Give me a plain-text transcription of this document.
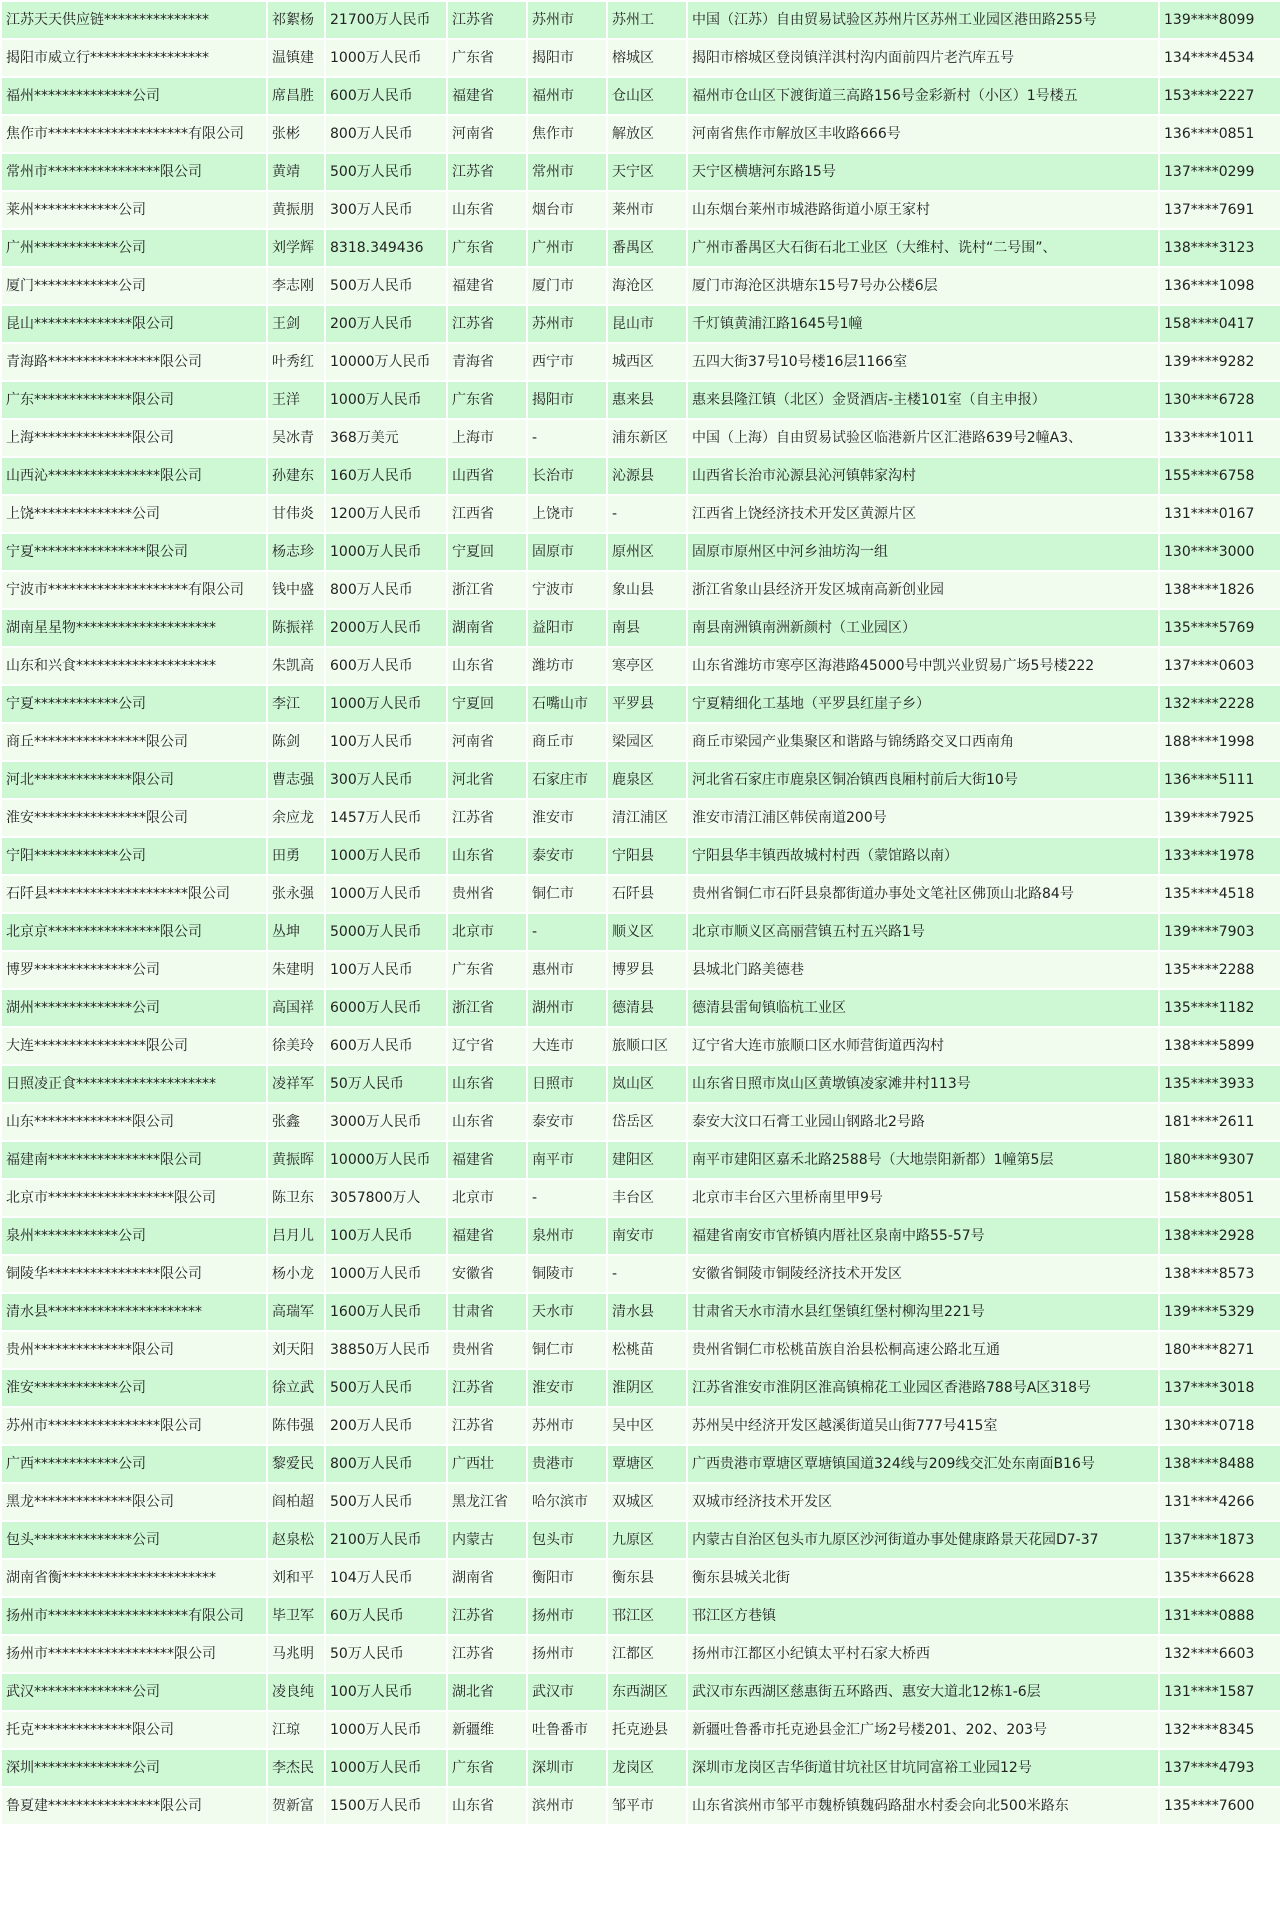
江苏天天供应链***************	祁絮杨	21700万人民币	江苏省	苏州市	苏州工	中国（江苏）自由贸易试验区苏州片区苏州工业园区港田路255号	139****8099
揭阳市威立行*****************	温镇建	1000万人民币	广东省	揭阳市	榕城区	揭阳市榕城区登岗镇洋淇村沟内面前四片老汽库五号	134****4534
福州**************公司	席昌胜	600万人民币	福建省	福州市	仓山区	福州市仓山区下渡街道三高路156号金彩新村（小区）1号楼五	153****2227
焦作市********************有限公司	张彬	800万人民币	河南省	焦作市	解放区	河南省焦作市解放区丰收路666号	136****0851
常州市****************限公司	黄靖	500万人民币	江苏省	常州市	天宁区	天宁区横塘河东路15号	137****0299
莱州************公司	黄振朋	300万人民币	山东省	烟台市	莱州市	山东烟台莱州市城港路街道小原王家村	137****7691
广州************公司	刘学辉	8318.349436	广东省	广州市	番禺区	广州市番禺区大石街石北工业区（大维村、诜村“二号围”、	138****3123
厦门************公司	李志刚	500万人民币	福建省	厦门市	海沧区	厦门市海沧区洪塘东15号7号办公楼6层	136****1098
昆山**************限公司	王剑	200万人民币	江苏省	苏州市	昆山市	千灯镇黄浦江路1645号1幢	158****0417
青海路****************限公司	叶秀红	10000万人民币	青海省	西宁市	城西区	五四大街37号10号楼16层1166室	139****9282
广东**************限公司	王洋	1000万人民币	广东省	揭阳市	惠来县	惠来县隆江镇（北区）金贤酒店-主楼101室（自主申报）	130****6728
上海**************限公司	吴冰青	368万美元	上海市	-	浦东新区	中国（上海）自由贸易试验区临港新片区汇港路639号2幢A3、	133****1011
山西沁****************限公司	孙建东	160万人民币	山西省	长治市	沁源县	山西省长治市沁源县沁河镇韩家沟村	155****6758
上饶**************公司	甘伟炎	1200万人民币	江西省	上饶市	-	江西省上饶经济技术开发区黄源片区	131****0167
宁夏****************限公司	杨志珍	1000万人民币	宁夏回	固原市	原州区	固原市原州区中河乡油坊沟一组	130****3000
宁波市********************有限公司	钱中盛	800万人民币	浙江省	宁波市	象山县	浙江省象山县经济开发区城南高新创业园	138****1826
湖南星星物********************	陈振祥	2000万人民币	湖南省	益阳市	南县	南县南洲镇南洲新颜村（工业园区）	135****5769
山东和兴食********************	朱凯高	600万人民币	山东省	潍坊市	寒亭区	山东省潍坊市寒亭区海港路45000号中凯兴业贸易广场5号楼222	137****0603
宁夏************公司	李江	1000万人民币	宁夏回	石嘴山市	平罗县	宁夏精细化工基地（平罗县红崖子乡）	132****2228
商丘****************限公司	陈剑	100万人民币	河南省	商丘市	梁园区	商丘市梁园产业集聚区和谐路与锦绣路交叉口西南角	188****1998
河北**************限公司	曹志强	300万人民币	河北省	石家庄市	鹿泉区	河北省石家庄市鹿泉区铜冶镇西良厢村前后大街10号	136****5111
淮安****************限公司	余应龙	1457万人民币	江苏省	淮安市	清江浦区	淮安市清江浦区韩侯南道200号	139****7925
宁阳************公司	田勇	1000万人民币	山东省	泰安市	宁阳县	宁阳县华丰镇西故城村村西（蒙馆路以南）	133****1978
石阡县********************限公司	张永强	1000万人民币	贵州省	铜仁市	石阡县	贵州省铜仁市石阡县泉都街道办事处文笔社区佛顶山北路84号	135****4518
北京京****************限公司	丛坤	5000万人民币	北京市	-	顺义区	北京市顺义区高丽营镇五村五兴路1号	139****7903
博罗**************公司	朱建明	100万人民币	广东省	惠州市	博罗县	县城北门路美德巷	135****2288
湖州**************公司	高国祥	6000万人民币	浙江省	湖州市	德清县	德清县雷甸镇临杭工业区	135****1182
大连****************限公司	徐美玲	600万人民币	辽宁省	大连市	旅顺口区	辽宁省大连市旅顺口区水师营街道西沟村	138****5899
日照凌正食********************	凌祥军	50万人民币	山东省	日照市	岚山区	山东省日照市岚山区黄墩镇凌家滩井村113号	135****3933
山东**************限公司	张鑫	3000万人民币	山东省	泰安市	岱岳区	泰安大汶口石膏工业园山钢路北2号路	181****2611
福建南****************限公司	黄振晖	10000万人民币	福建省	南平市	建阳区	南平市建阳区嘉禾北路2588号（大地崇阳新都）1幢第5层	180****9307
北京市******************限公司	陈卫东	3057800万人	北京市	-	丰台区	北京市丰台区六里桥南里甲9号	158****8051
泉州************公司	吕月儿	100万人民币	福建省	泉州市	南安市	福建省南安市官桥镇内厝社区泉南中路55-57号	138****2928
铜陵华****************限公司	杨小龙	1000万人民币	安徽省	铜陵市	-	安徽省铜陵市铜陵经济技术开发区	138****8573
清水县**********************	高瑞军	1600万人民币	甘肃省	天水市	清水县	甘肃省天水市清水县红堡镇红堡村柳沟里221号	139****5329
贵州**************限公司	刘天阳	38850万人民币	贵州省	铜仁市	松桃苗	贵州省铜仁市松桃苗族自治县松桐高速公路北互通	180****8271
淮安************公司	徐立武	500万人民币	江苏省	淮安市	淮阴区	江苏省淮安市淮阴区淮高镇棉花工业园区香港路788号A区318号	137****3018
苏州市****************限公司	陈伟强	200万人民币	江苏省	苏州市	吴中区	苏州吴中经济开发区越溪街道吴山街777号415室	130****0718
广西************公司	黎爱民	800万人民币	广西壮	贵港市	覃塘区	广西贵港市覃塘区覃塘镇国道324线与209线交汇处东南面B16号	138****8488
黑龙**************限公司	阎柏超	500万人民币	黑龙江省	哈尔滨市	双城区	双城市经济技术开发区	131****4266
包头**************公司	赵泉松	2100万人民币	内蒙古	包头市	九原区	内蒙古自治区包头市九原区沙河街道办事处健康路景天花园D7-37	137****1873
湖南省衡**********************	刘和平	104万人民币	湖南省	衡阳市	衡东县	衡东县城关北街	135****6628
扬州市********************有限公司	毕卫军	60万人民币	江苏省	扬州市	邗江区	邗江区方巷镇	131****0888
扬州市******************限公司	马兆明	50万人民币	江苏省	扬州市	江都区	扬州市江都区小纪镇太平村石家大桥西	132****6603
武汉**************公司	凌良纯	100万人民币	湖北省	武汉市	东西湖区	武汉市东西湖区慈惠街五环路西、惠安大道北12栋1-6层	131****1587
托克**************限公司	江琼	1000万人民币	新疆维	吐鲁番市	托克逊县	新疆吐鲁番市托克逊县金汇广场2号楼201、202、203号	132****8345
深圳**************公司	李杰民	1000万人民币	广东省	深圳市	龙岗区	深圳市龙岗区吉华街道甘坑社区甘坑同富裕工业园12号	137****4793
鲁夏建****************限公司	贺新富	1500万人民币	山东省	滨州市	邹平市	山东省滨州市邹平市魏桥镇魏码路甜水村委会向北500米路东	135****7600
